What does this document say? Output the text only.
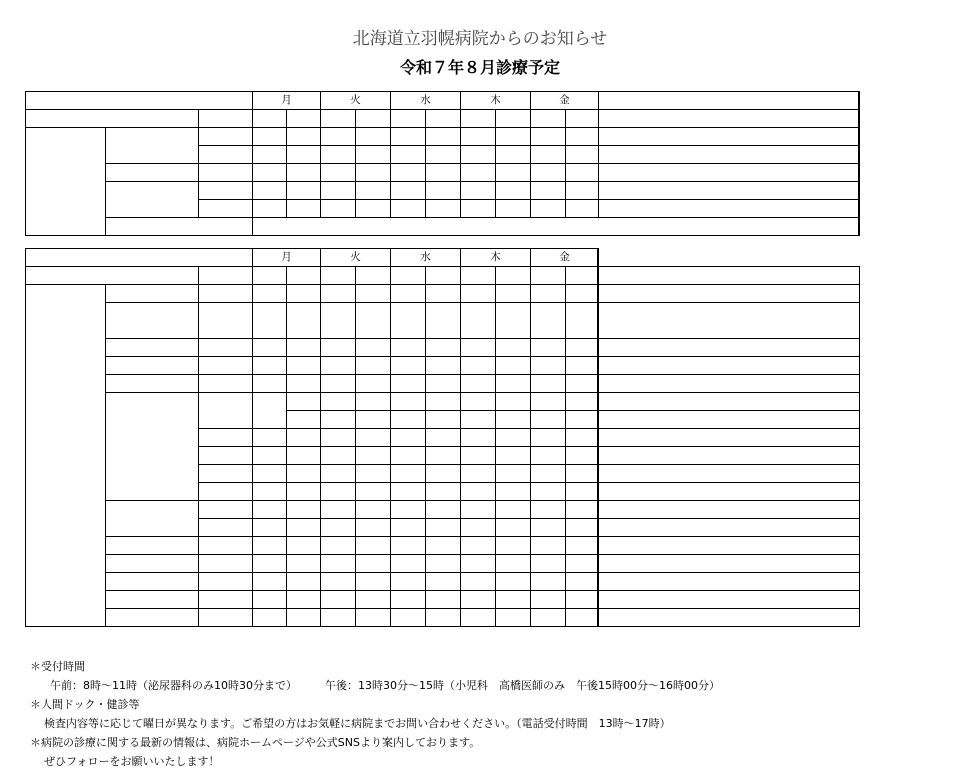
北海道立羽幌病院からのお知らせ
令和７年８月診療予定
			月		火		水		木		金			

			月		火		水		木		金			

＊受付時間
午前：8時～11時（泌尿器科のみ10時30分まで）	午後：13時30分～15時（小児科　高橋医師のみ　午後15時00分～16時00分）
＊人間ドック・健診等
検査内容等に応じて曜日が異なります。ご希望の方はお気軽に病院までお問い合わせください。（電話受付時間　13時～17時）
＊病院の診療に関する最新の情報は、病院ホームページや公式SNSより案内しております。
ぜひフォローをお願いいたします！
